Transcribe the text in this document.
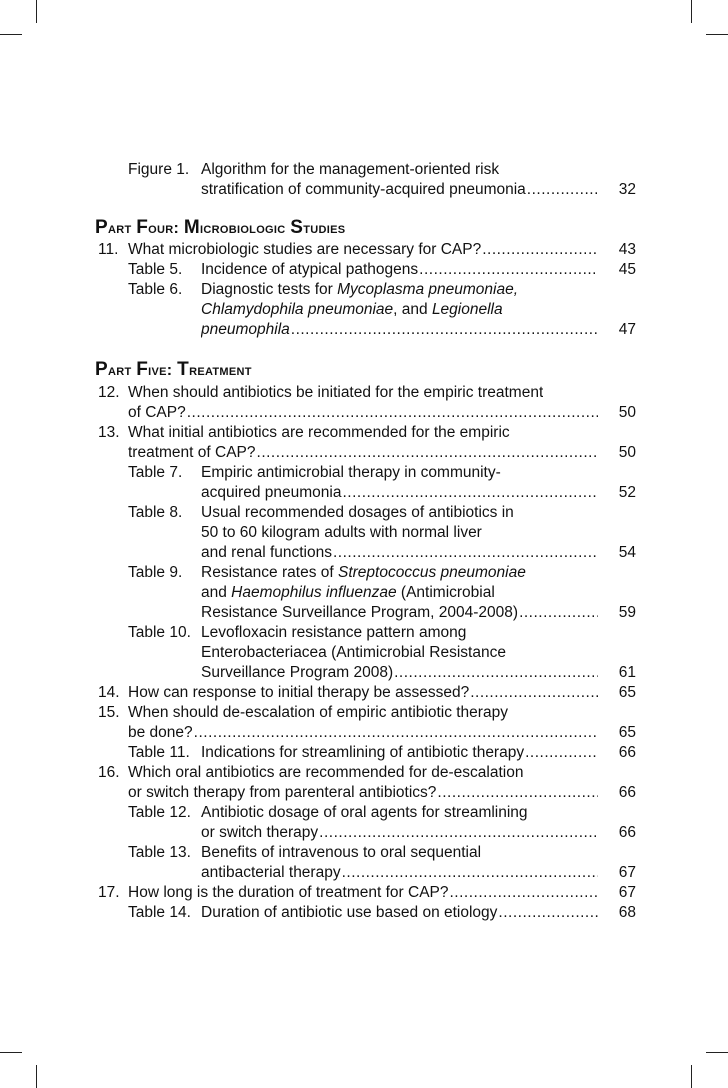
Figure 1. Algorithm for the management-oriented risk
stratification of community-acquired pneumonia .....	32
Part Four: Microbiologic Studies
11. What microbiologic studies are necessary for CAP? .....	43
Table 5. Incidence of atypical pathogens .....	45
Table 6. Diagnostic tests for Mycoplasma pneumoniae,
Chlamydophila pneumoniae, and Legionella
pneumophila .....	47
Part Five: Treatment
12. When should antibiotics be initiated for the empiric treatment
of CAP? .....	50
13. What initial antibiotics are recommended for the empiric
treatment of CAP? .....	50
Table 7. Empiric antimicrobial therapy in community-
acquired pneumonia .....	52
Table 8. Usual recommended dosages of antibiotics in
50 to 60 kilogram adults with normal liver
and renal functions .....	54
Table 9. Resistance rates of Streptococcus pneumoniae
and Haemophilus influenzae (Antimicrobial
Resistance Surveillance Program, 2004-2008) .....	59
Table 10. Levofloxacin resistance pattern among
Enterobacteriacea (Antimicrobial Resistance
Surveillance Program 2008) .....	61
14. How can response to initial therapy be assessed? .....	65
15. When should de-escalation of empiric antibiotic therapy
be done? .....	65
Table 11. Indications for streamlining of antibiotic therapy .....	66
16. Which oral antibiotics are recommended for de-escalation
or switch therapy from parenteral antibiotics? .....	66
Table 12. Antibiotic dosage of oral agents for streamlining
or switch therapy .....	66
Table 13. Benefits of intravenous to oral sequential
antibacterial therapy .....	67
17. How long is the duration of treatment for CAP? .....	67
Table 14. Duration of antibiotic use based on etiology .....	68
